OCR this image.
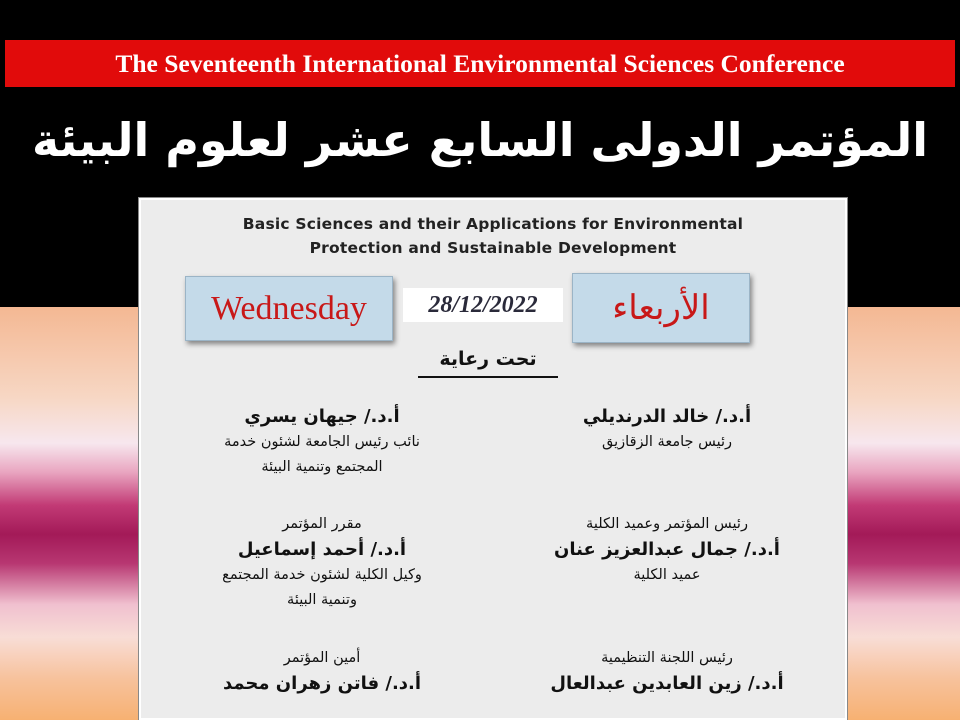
The Seventeenth International Environmental Sciences Conference
المؤتمر الدولى السابع عشر لعلوم البيئة
Basic Sciences and their Applications for Environmental
Protection and Sustainable Development
28/12/2022
تحت رعاية
أ.د./ خالد الدرنديلي
رئيس جامعة الزقازيق
رئيس المؤتمر وعميد الكلية
أ.د./ جمال عبدالعزيز عنان
عميد الكلية
رئيس اللجنة التنظيمية
أ.د./ زين العابدين عبدالعال
أ.د./ جيهان يسري
نائب رئيس الجامعة لشئون خدمة
المجتمع وتنمية البيئة
مقرر المؤتمر
أ.د./ أحمد إسماعيل
وكيل الكلية لشئون خدمة المجتمع
وتنمية البيئة
أمين المؤتمر
أ.د./ فاتن زهران محمد
Wednesday	الأربعاء
